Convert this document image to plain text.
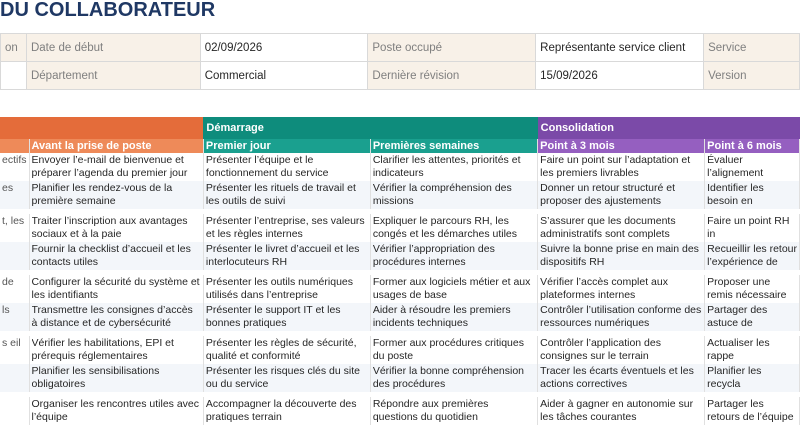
DU COLLABORATEUR
on	Date de début	02/09/2026	Poste occupé	Représentante service client	Service
	Département	Commercial	Dernière révision	15/09/2026	Version
		Démarrage		Consolidation	
	Avant la prise de poste	Premier jour	Premières semaines	Point à 3 mois	Point à 6 mois
ectifs	Envoyer l’e-mail de bienvenue et préparer l’agenda du premier jour	Présenter l’équipe et le fonctionnement du service	Clarifier les attentes, priorités et indicateurs	Faire un point sur l’adaptation et les premiers livrables	Évaluer l’alignement

es	Planifier les rendez-vous de la première semaine	Présenter les rituels de travail et les outils de suivi	Vérifier la compréhension des missions	Donner un retour structuré et proposer des ajustements	Identifier les besoin en

t, les	Traiter l’inscription aux avantages sociaux et à la paie	Présenter l’entreprise, ses valeurs et les règles internes	Expliquer le parcours RH, les congés et les démarches utiles	S’assurer que les documents administratifs sont complets	Faire un point RH in

	Fournir la checklist d’accueil et les contacts utiles	Présenter le livret d’accueil et les interlocuteurs RH	Vérifier l’appropriation des procédures internes	Suivre la bonne prise en main des dispositifs RH	Recueillir les retour l’expérience de

de	Configurer la sécurité du système et les identifiants	Présenter les outils numériques utilisés dans l’entreprise	Former aux logiciels métier et aux usages de base	Vérifier l’accès complet aux plateformes internes	Proposer une remis nécessaire

ls	Transmettre les consignes d’accès à distance et de cybersécurité	Présenter le support IT et les bonnes pratiques	Aider à résoudre les premiers incidents techniques	Contrôler l’utilisation conforme des ressources numériques	Partager des astuce de

s eil	Vérifier les habilitations, EPI et prérequis réglementaires	Présenter les règles de sécurité, qualité et conformité	Former aux procédures critiques du poste	Contrôler l’application des consignes sur le terrain	Actualiser les rappe

	Planifier les sensibilisations obligatoires	Présenter les risques clés du site ou du service	Vérifier la bonne compréhension des procédures	Tracer les écarts éventuels et les actions correctives	Planifier les recycla

	Organiser les rencontres utiles avec l’équipe	Accompagner la découverte des pratiques terrain	Répondre aux premières questions du quotidien	Aider à gagner en autonomie sur les tâches courantes	Partager les retours de l’équipe
